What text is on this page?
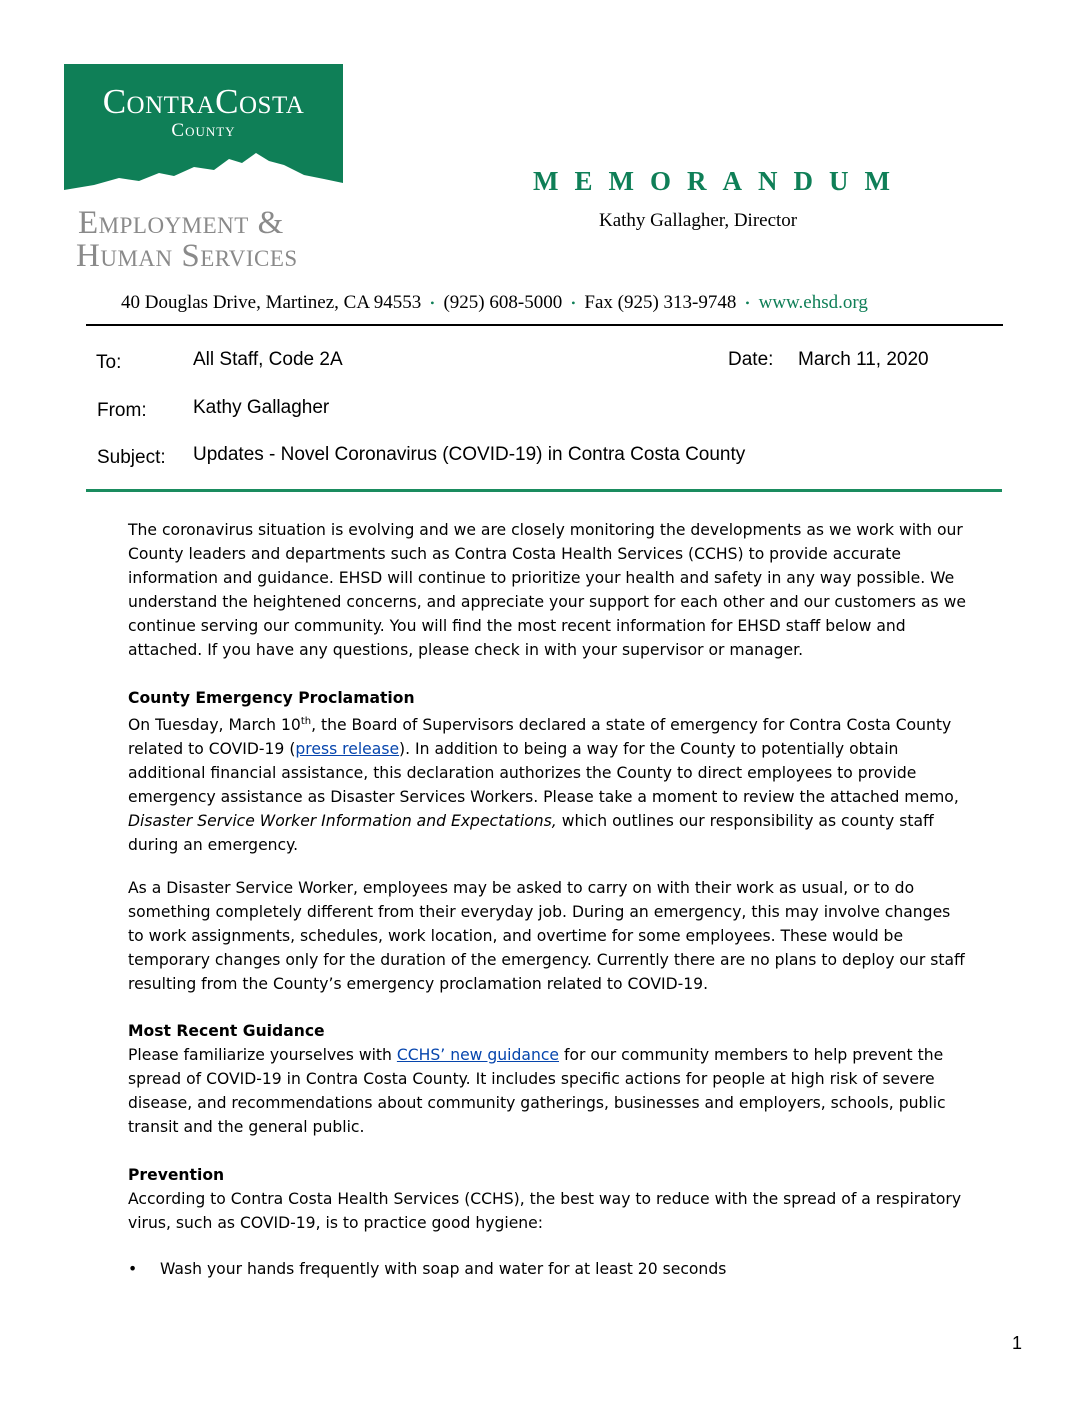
ContraCosta
County
Employment &
Human Services
MEMORANDUM
Kathy Gallagher, Director
40 Douglas Drive, Martinez, CA 94553 • (925) 608-5000 • Fax (925) 313-9748 • www.ehsd.org
To:	All Staff, Code 2A	Date: March 11, 2020
From: Kathy Gallagher
Subject: Updates - Novel Coronavirus (COVID-19) in Contra Costa County

The coronavirus situation is evolving and we are closely monitoring the developments as we work with our County leaders and departments such as Contra Costa Health Services (CCHS) to provide accurate information and guidance. EHSD will continue to prioritize your health and safety in any way possible. We understand the heightened concerns, and appreciate your support for each other and our customers as we continue serving our community. You will find the most recent information for EHSD staff below and attached. If you have any questions, please check in with your supervisor or manager.

County Emergency Proclamation

On Tuesday, March 10th, the Board of Supervisors declared a state of emergency for Contra Costa County related to COVID-19 (press release). In addition to being a way for the County to potentially obtain additional financial assistance, this declaration authorizes the County to direct employees to provide emergency assistance as Disaster Services Workers. Please take a moment to review the attached memo, Disaster Service Worker Information and Expectations, which outlines our responsibility as county staff during an emergency.

As a Disaster Service Worker, employees may be asked to carry on with their work as usual, or to do something completely different from their everyday job. During an emergency, this may involve changes to work assignments, schedules, work location, and overtime for some employees. These would be temporary changes only for the duration of the emergency. Currently there are no plans to deploy our staff resulting from the County’s emergency proclamation related to COVID-19.

Most Recent Guidance

Please familiarize yourselves with CCHS’ new guidance for our community members to help prevent the spread of COVID-19 in Contra Costa County. It includes specific actions for people at high risk of severe disease, and recommendations about community gatherings, businesses and employers, schools, public transit and the general public.

Prevention

According to Contra Costa Health Services (CCHS), the best way to reduce with the spread of a respiratory virus, such as COVID-19, is to practice good hygiene:

• Wash your hands frequently with soap and water for at least 20 seconds
1
